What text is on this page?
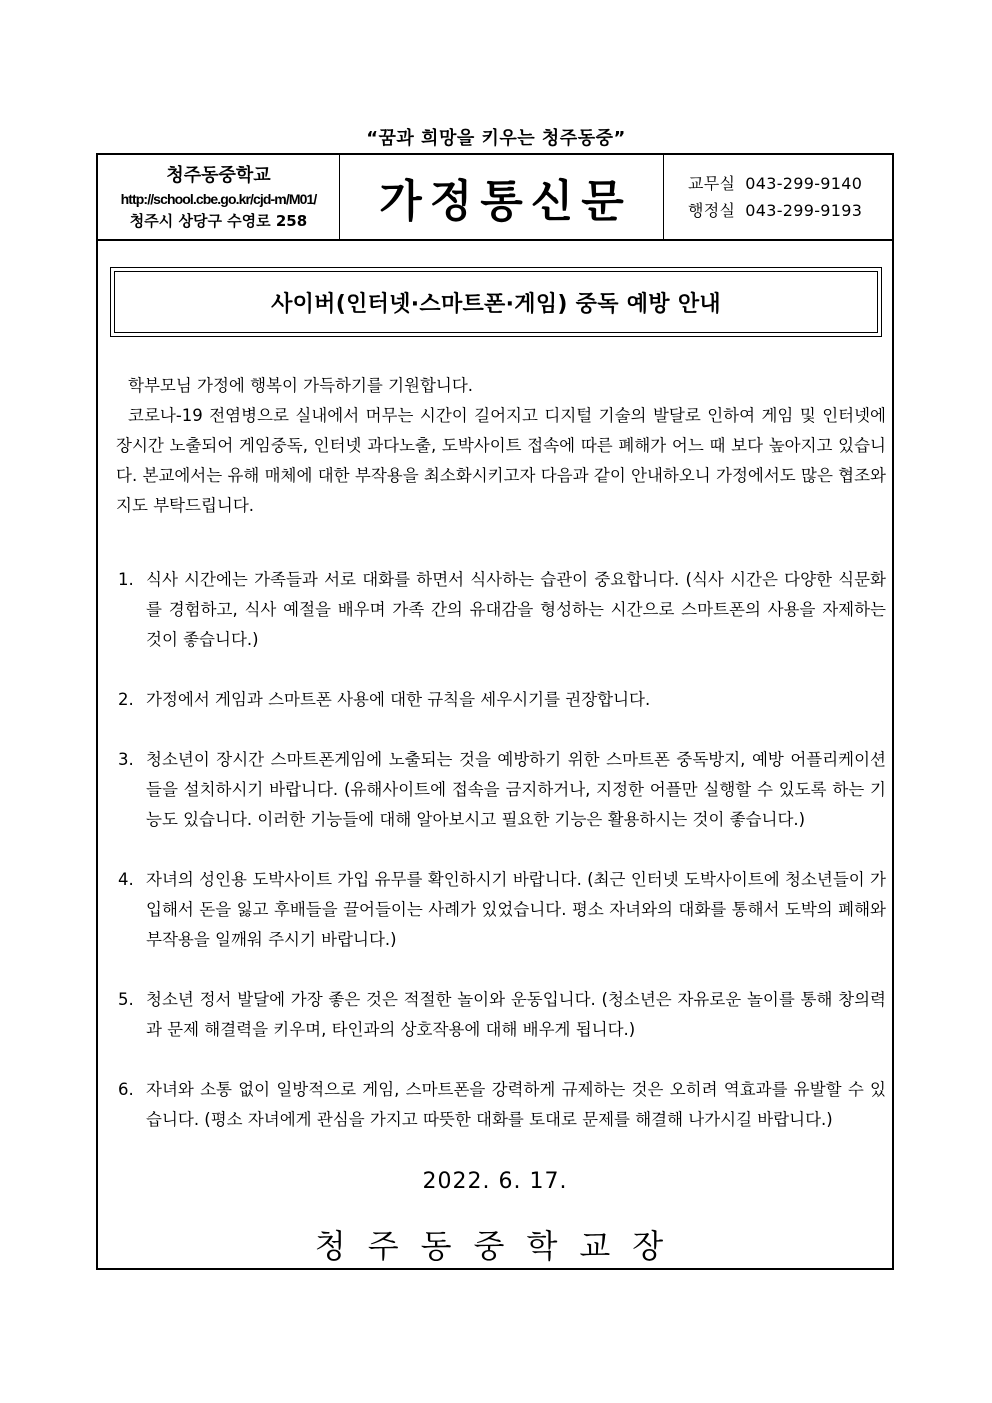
“꿈과 희망을 키우는 청주동중”
청주동중학교
http://school.cbe.go.kr/cjd-m/M01/
청주시 상당구 수영로 258 가정통신문	교무실 043-299-9140
행정실 043-299-9193
사이버(인터넷·스마트폰·게임) 중독 예방 안내

학부모님 가정에 행복이 가득하기를 기원합니다.

코로나-19 전염병으로 실내에서 머무는 시간이 길어지고 디지털 기술의 발달로 인하여 게임 및 인터넷에 장시간 노출되어 게임중독, 인터넷 과다노출, 도박사이트 접속에 따른 폐해가 어느 때 보다 높아지고 있습니다. 본교에서는 유해 매체에 대한 부작용을 최소화시키고자 다음과 같이 안내하오니 가정에서도 많은 협조와 지도 부탁드립니다.

1. 식사 시간에는 가족들과 서로 대화를 하면서 식사하는 습관이 중요합니다. (식사 시간은 다양한 식문화를 경험하고, 식사 예절을 배우며 가족 간의 유대감을 형성하는 시간으로 스마트폰의 사용을 자제하는 것이 좋습니다.)
2. 가정에서 게임과 스마트폰 사용에 대한 규칙을 세우시기를 권장합니다.
3. 청소년이 장시간 스마트폰게임에 노출되는 것을 예방하기 위한 스마트폰 중독방지, 예방 어플리케이션들을 설치하시기 바랍니다. (유해사이트에 접속을 금지하거나, 지정한 어플만 실행할 수 있도록 하는 기능도 있습니다. 이러한 기능들에 대해 알아보시고 필요한 기능은 활용하시는 것이 좋습니다.)
4. 자녀의 성인용 도박사이트 가입 유무를 확인하시기 바랍니다. (최근 인터넷 도박사이트에 청소년들이 가입해서 돈을 잃고 후배들을 끌어들이는 사례가 있었습니다. 평소 자녀와의 대화를 통해서 도박의 폐해와 부작용을 일깨워 주시기 바랍니다.)
5. 청소년 정서 발달에 가장 좋은 것은 적절한 놀이와 운동입니다. (청소년은 자유로운 놀이를 통해 창의력과 문제 해결력을 키우며, 타인과의 상호작용에 대해 배우게 됩니다.)
6. 자녀와 소통 없이 일방적으로 게임, 스마트폰을 강력하게 규제하는 것은 오히려 역효과를 유발할 수 있습니다. (평소 자녀에게 관심을 가지고 따뜻한 대화를 토대로 문제를 해결해 나가시길 바랍니다.)
2022. 6. 17.
청주동중학교장
